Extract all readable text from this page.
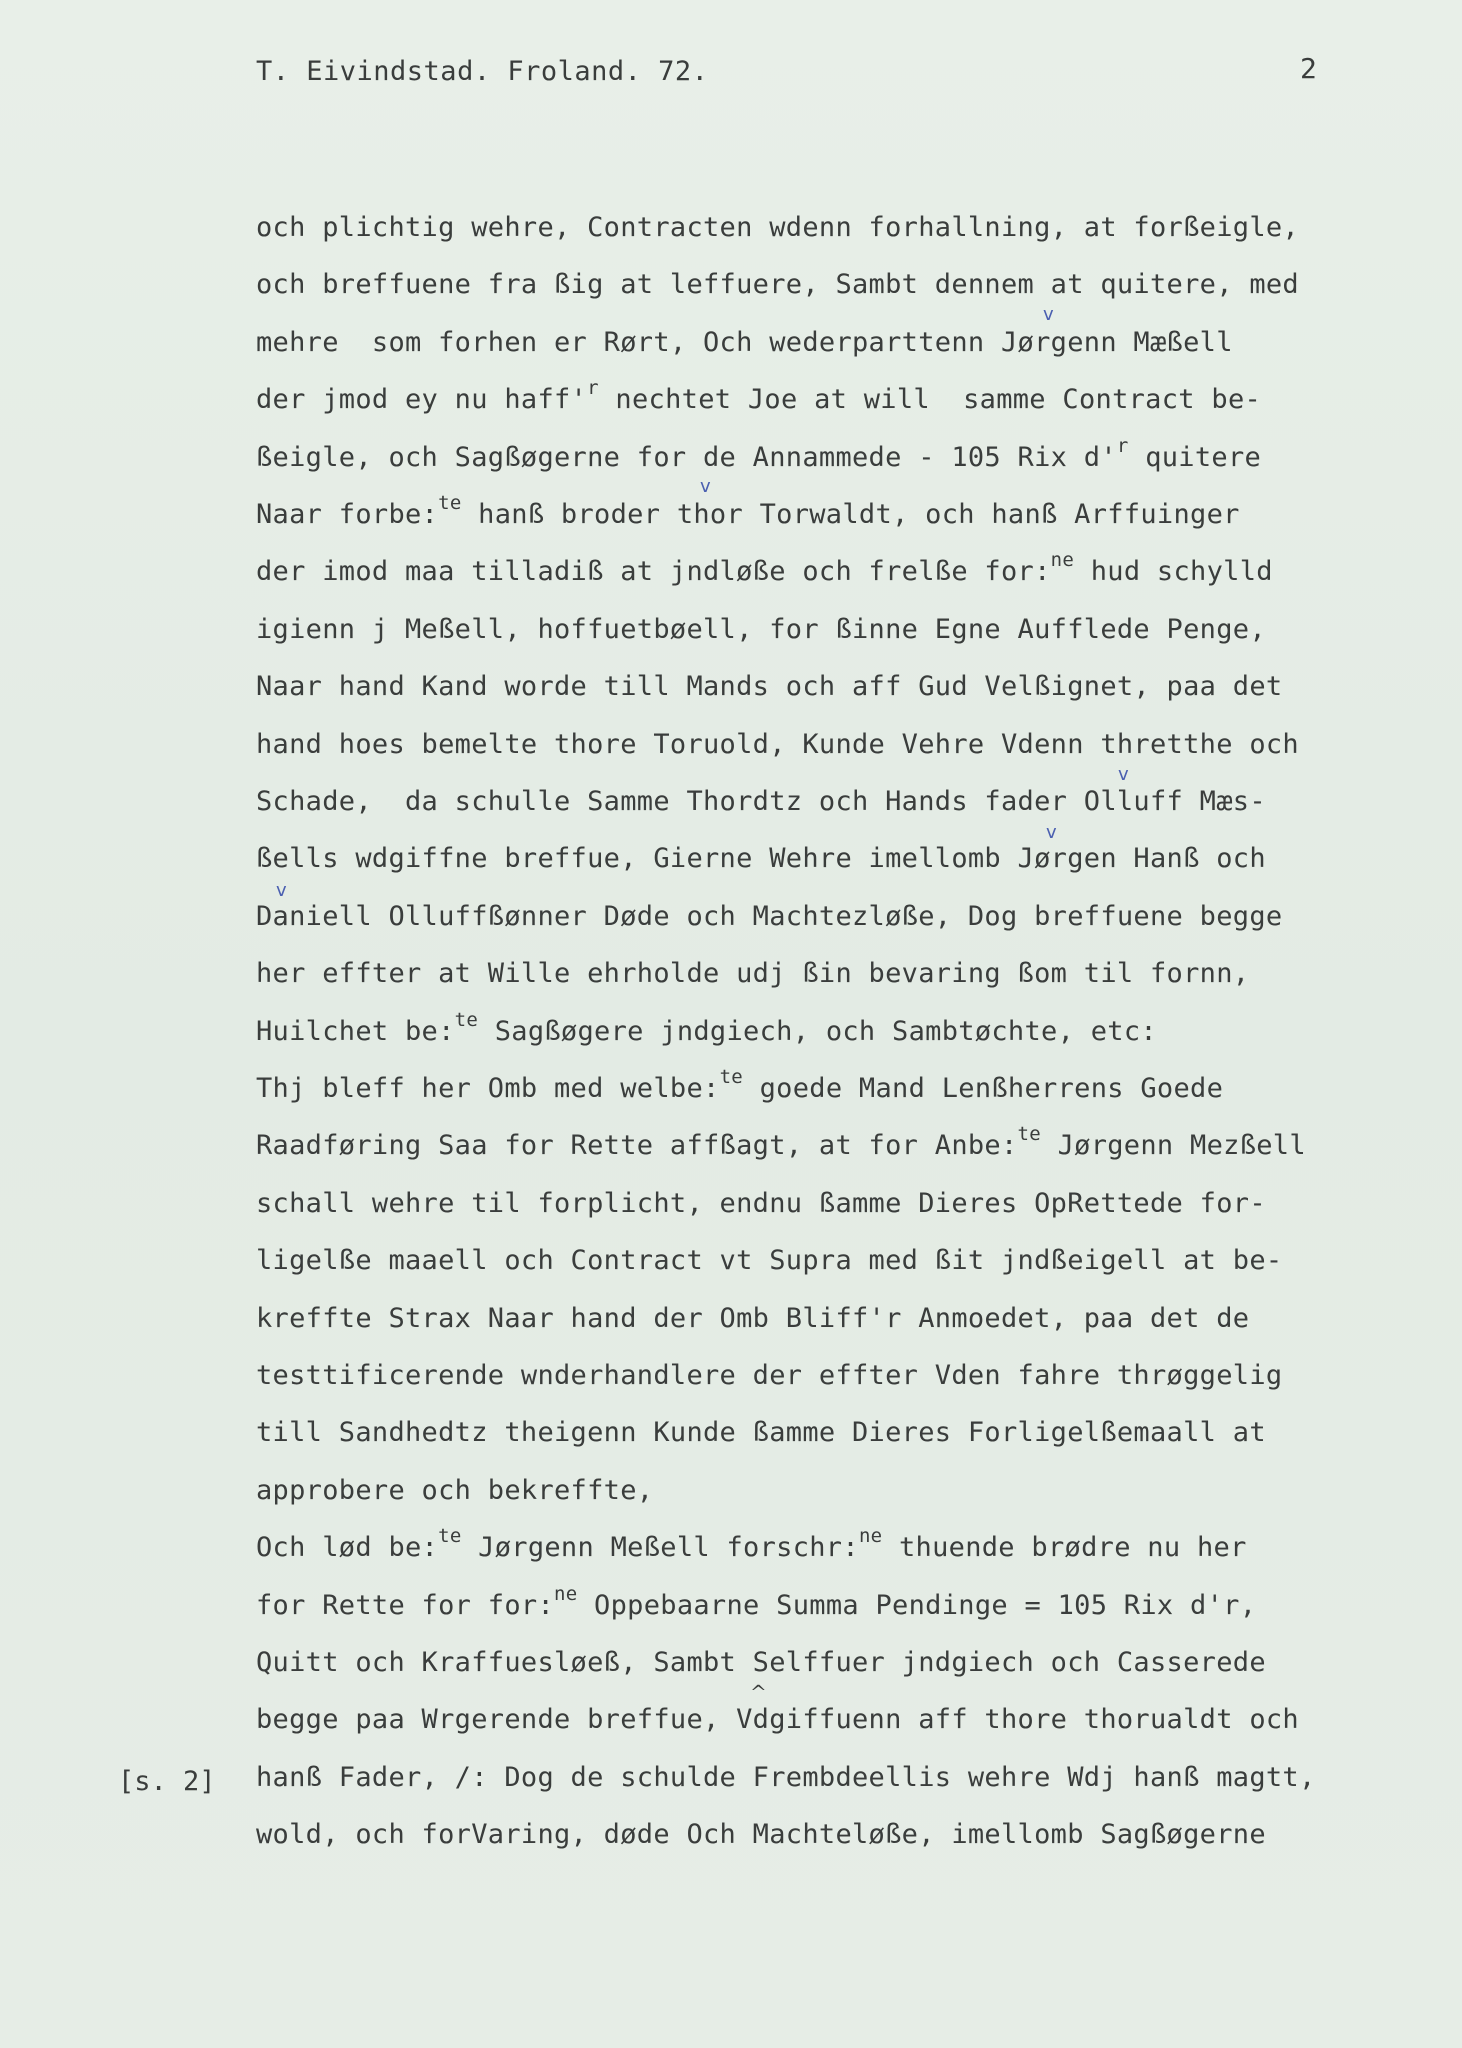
T. Eivindstad. Froland. 72.	2
och plichtig wehre, Contracten wdenn forhallning, at forßeigle,
och breffuene fra ßig at leffuere, Sambt dennem at quitere, med
mehre  som forhen er Rørt, Och wederparttenn Jørgenn Mæßell
der jmod ey nu $haff'^r$ nechtet Joe at will  samme Contract be-
ßeigle, och Sagßøgerne for de Annammede - 105 Rix $d'^r$ quitere
Naar forbe:$^{te}$ hanß broder thor Torwaldt, och hanß Arffuinger
der imod maa tilladiß at jndløße och frelße for:$^{ne}$ hud schylld
igienn j Meßell, hoffuetbøell, for ßinne Egne Aufflede Penge,
Naar hand Kand worde till Mands och aff Gud Velßignet, paa det
hand hoes bemelte thore Toruold, Kunde Vehre Vdenn thretthe och
Schade,  da schulle Samme Thordtz och Hands fader Olluff Mæs-
ßells wdgiffne breffue, Gierne Wehre imellomb Jørgen Hanß och
Daniell Olluffßønner Døde och Machtezløße, Dog breffuene begge
her effter at Wille ehrholde udj ßin bevaring ßom til fornn,
Huilchet be:$^{te}$ Sagßøgere jndgiech, och Sambtøchte, etc:
Thj bleff her Omb med welbe:$^{te}$ goede Mand Lenßherrens Goede
Raadføring Saa for Rette affßagt, at for Anbe:$^{te}$ Jørgenn Mezßell
schall wehre til forplicht, endnu ßamme Dieres OpRettede for-
ligelße maaell och Contract vt Supra med ßit jndßeigell at be-
kreffte Strax Naar hand der Omb Bliff'r Anmoedet, paa det de
testtificerende wnderhandlere der effter Vden fahre thrøggelig
till Sandhedtz theigenn Kunde ßamme Dieres Forligelßemaall at
approbere och bekreffte,
Och lød be:$^{te}$ Jørgenn Meßell forschr:$^{ne}$ thuende brødre nu her
for Rette for for:$^{ne}$ Oppebaarne Summa Pendinge = 105 Rix d'r,
Quitt och Kraffuesløeß, Sambt Selffuer jndgiech och Casserede
begge paa Wrgerende breffue, Vdgiffuenn aff thore thorualdt och
hanß Fader, /: Dog de schulde Frembdeellis wehre Wdj hanß magtt,
wold, och forVaring, døde Och Machteløße, imellomb Sagßøgerne
[s. 2]
v
v
v
v
v
^
